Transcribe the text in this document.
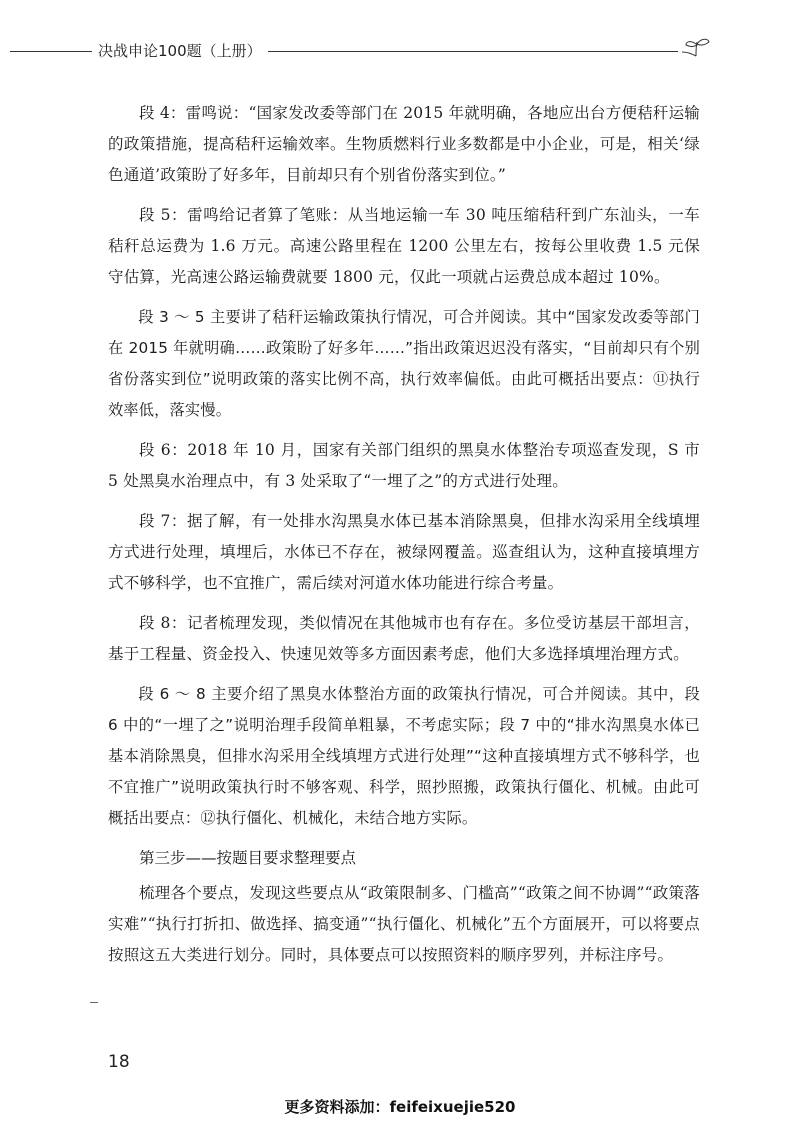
决战申论100题（上册）

段 4：雷鸣说：“国家发改委等部门在 2015 年就明确，各地应出台方便秸秆运输的政策措施，提高秸秆运输效率。生物质燃料行业多数都是中小企业，可是，相关‘绿色通道’政策盼了好多年，目前却只有个别省份落实到位。”

段 5：雷鸣给记者算了笔账：从当地运输一车 30 吨压缩秸秆到广东汕头，一车秸秆总运费为 1.6 万元。高速公路里程在 1200 公里左右，按每公里收费 1.5 元保守估算，光高速公路运输费就要 1800 元，仅此一项就占运费总成本超过 10%。

段 3 ～ 5 主要讲了秸秆运输政策执行情况，可合并阅读。其中“国家发改委等部门在 2015 年就明确……政策盼了好多年……”指出政策迟迟没有落实，“目前却只有个别省份落实到位”说明政策的落实比例不高，执行效率偏低。由此可概括出要点：⑪执行效率低，落实慢。

段 6：2018 年 10 月，国家有关部门组织的黑臭水体整治专项巡查发现，S 市 5 处黑臭水治理点中，有 3 处采取了“一埋了之”的方式进行处理。

段 7：据了解，有一处排水沟黑臭水体已基本消除黑臭，但排水沟采用全线填埋方式进行处理，填埋后，水体已不存在，被绿网覆盖。巡查组认为，这种直接填埋方式不够科学，也不宜推广，需后续对河道水体功能进行综合考量。

段 8：记者梳理发现，类似情况在其他城市也有存在。多位受访基层干部坦言，基于工程量、资金投入、快速见效等多方面因素考虑，他们大多选择填埋治理方式。

段 6 ～ 8 主要介绍了黑臭水体整治方面的政策执行情况，可合并阅读。其中，段 6 中的“一埋了之”说明治理手段简单粗暴，不考虑实际；段 7 中的“排水沟黑臭水体已基本消除黑臭，但排水沟采用全线填埋方式进行处理”“这种直接填埋方式不够科学，也不宜推广”说明政策执行时不够客观、科学，照抄照搬，政策执行僵化、机械。由此可概括出要点：⑫执行僵化、机械化，未结合地方实际。

第三步——按题目要求整理要点

梳理各个要点，发现这些要点从“政策限制多、门槛高”“政策之间不协调”“政策落实难”“执行打折扣、做选择、搞变通”“执行僵化、机械化”五个方面展开，可以将要点按照这五大类进行划分。同时，具体要点可以按照资料的顺序罗列，并标注序号。

18
更多资料添加：feifeixuejie520
